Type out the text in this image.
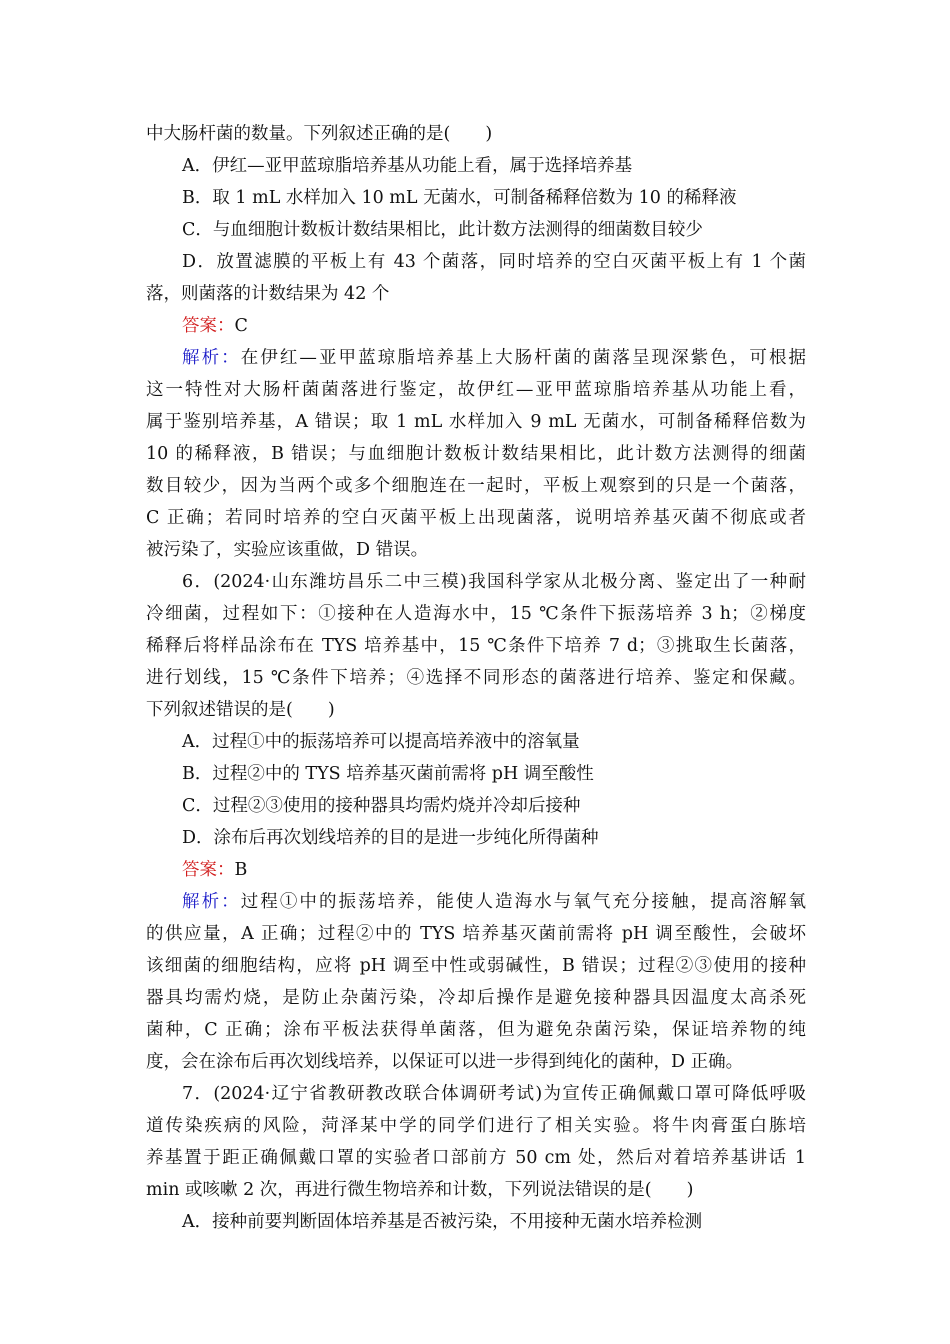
中大肠杆菌的数量。下列叙述正确的是(　　)
A．伊红—亚甲蓝琼脂培养基从功能上看，属于选择培养基
B．取 1 mL 水样加入 10 mL 无菌水，可制备稀释倍数为 10 的稀释液
C．与血细胞计数板计数结果相比，此计数方法测得的细菌数目较少
D．放置滤膜的平板上有 43 个菌落，同时培养的空白灭菌平板上有 1 个菌
落，则菌落的计数结果为 42 个
答案：C
解析：在伊红—亚甲蓝琼脂培养基上大肠杆菌的菌落呈现深紫色，可根据
这一特性对大肠杆菌菌落进行鉴定，故伊红—亚甲蓝琼脂培养基从功能上看，
属于鉴别培养基，A 错误；取 1 mL 水样加入 9 mL 无菌水，可制备稀释倍数为
10 的稀释液，B 错误；与血细胞计数板计数结果相比，此计数方法测得的细菌
数目较少，因为当两个或多个细胞连在一起时，平板上观察到的只是一个菌落，
C 正确；若同时培养的空白灭菌平板上出现菌落，说明培养基灭菌不彻底或者
被污染了，实验应该重做，D 错误。
6．(2024·山东潍坊昌乐二中三模)我国科学家从北极分离、鉴定出了一种耐
冷细菌，过程如下：①接种在人造海水中，15 ℃条件下振荡培养 3 h；②梯度
稀释后将样品涂布在 TYS 培养基中，15 ℃条件下培养 7 d；③挑取生长菌落，
进行划线，15 ℃条件下培养；④选择不同形态的菌落进行培养、鉴定和保藏。
下列叙述错误的是(　　)
A．过程①中的振荡培养可以提高培养液中的溶氧量
B．过程②中的 TYS 培养基灭菌前需将 pH 调至酸性
C．过程②③使用的接种器具均需灼烧并冷却后接种
D．涂布后再次划线培养的目的是进一步纯化所得菌种
答案：B
解析：过程①中的振荡培养，能使人造海水与氧气充分接触，提高溶解氧
的供应量，A 正确；过程②中的 TYS 培养基灭菌前需将 pH 调至酸性，会破坏
该细菌的细胞结构，应将 pH 调至中性或弱碱性，B 错误；过程②③使用的接种
器具均需灼烧，是防止杂菌污染，冷却后操作是避免接种器具因温度太高杀死
菌种，C 正确；涂布平板法获得单菌落，但为避免杂菌污染，保证培养物的纯
度，会在涂布后再次划线培养，以保证可以进一步得到纯化的菌种，D 正确。
7．(2024·辽宁省教研教改联合体调研考试)为宣传正确佩戴口罩可降低呼吸
道传染疾病的风险，菏泽某中学的同学们进行了相关实验。将牛肉膏蛋白胨培
养基置于距正确佩戴口罩的实验者口部前方 50 cm 处，然后对着培养基讲话 1
min 或咳嗽 2 次，再进行微生物培养和计数，下列说法错误的是(　　)
A．接种前要判断固体培养基是否被污染，不用接种无菌水培养检测
